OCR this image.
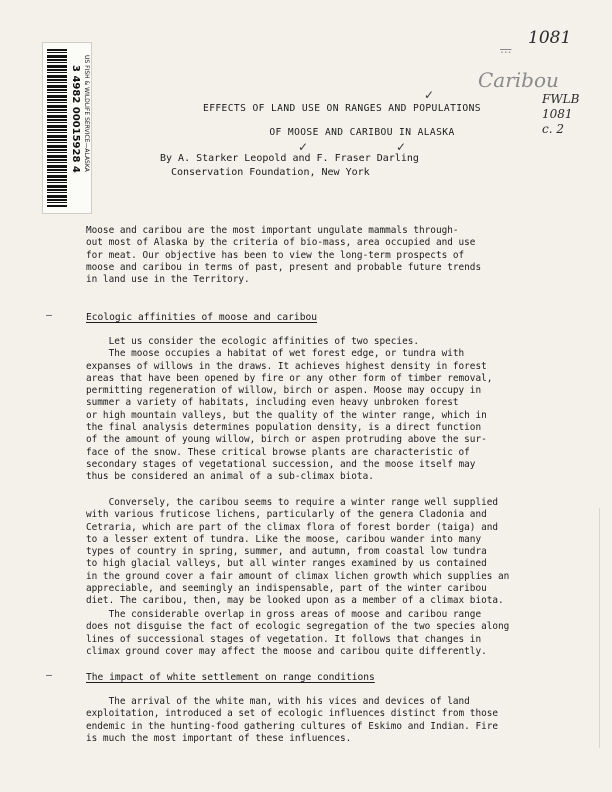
3 4982 00015928 4 US FISH & WILDLIFE SERVICE—ALASKA
1081
...
Caribou
FWLB
1081
c. 2
EFFECTS OF LAND USE ON RANGES AND POPULATIONS
OF MOOSE AND CARIBOU IN ALASKA
✓
✓	✓
By A. Starker Leopold and F. Fraser Darling
Conservation Foundation, New York
Moose and caribou are the most important ungulate mammals through-
out most of Alaska by the criteria of bio-mass, area occupied and use
for meat. Our objective has been to view the long-term prospects of
moose and caribou in terms of past, present and probable future trends
in land use in the Territory.
—	Ecologic affinities of moose and caribou
Let us consider the ecologic affinities of two species.
The moose occupies a habitat of wet forest edge, or tundra with
expanses of willows in the draws. It achieves highest density in forest
areas that have been opened by fire or any other form of timber removal,
permitting regeneration of willow, birch or aspen. Moose may occupy in
summer a variety of habitats, including even heavy unbroken forest
or high mountain valleys, but the quality of the winter range, which in
the final analysis determines population density, is a direct function
of the amount of young willow, birch or aspen protruding above the sur-
face of the snow. These critical browse plants are characteristic of
secondary stages of vegetational succession, and the moose itself may
thus be considered an animal of a sub-climax biota.
Conversely, the caribou seems to require a winter range well supplied
with various fruticose lichens, particularly of the genera Cladonia and
Cetraria, which are part of the climax flora of forest border (taiga) and
to a lesser extent of tundra. Like the moose, caribou wander into many
types of country in spring, summer, and autumn, from coastal low tundra
to high glacial valleys, but all winter ranges examined by us contained
in the ground cover a fair amount of climax lichen growth which supplies an
appreciable, and seemingly an indispensable, part of the winter caribou
diet. The caribou, then, may be looked upon as a member of a climax biota.
The considerable overlap in gross areas of moose and caribou range
does not disguise the fact of ecologic segregation of the two species along
lines of successional stages of vegetation. It follows that changes in
climax ground cover may affect the moose and caribou quite differently.
—	The impact of white settlement on range conditions
The arrival of the white man, with his vices and devices of land
exploitation, introduced a set of ecologic influences distinct from those
endemic in the hunting-food gathering cultures of Eskimo and Indian. Fire
is much the most important of these influences.
